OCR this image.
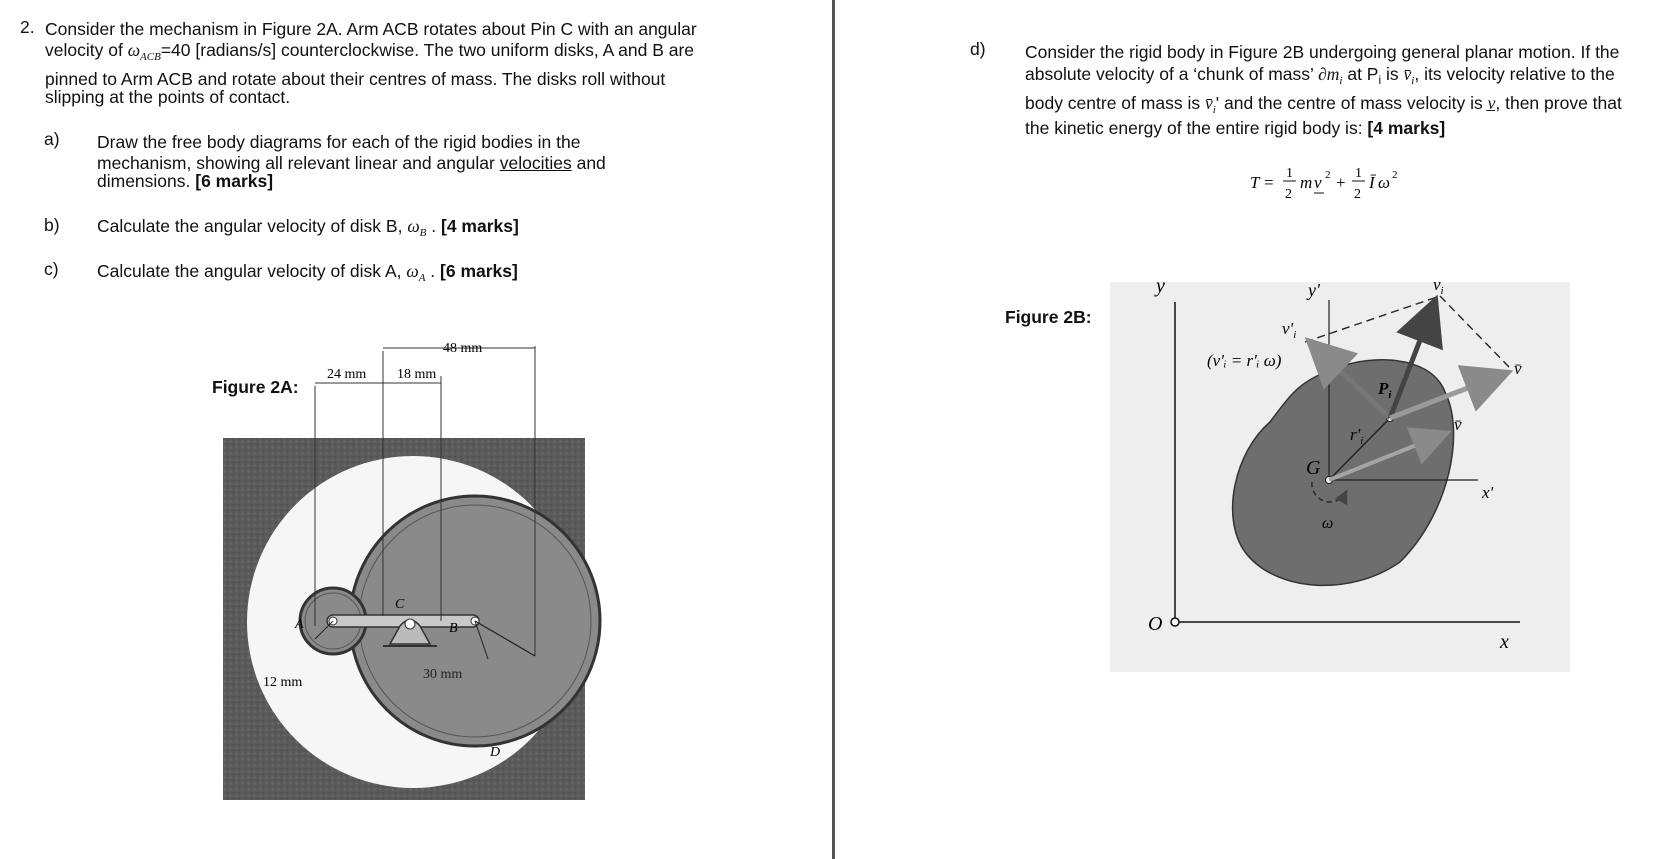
2. Consider the mechanism in Figure 2A. Arm ACB rotates about Pin C with an angular
velocity of $\omega_{ACB}=40$ [radians/s] counterclockwise. The two uniform disks, A and B are
pinned to Arm ACB and rotate about their centres of mass. The disks roll without
slipping at the points of contact.
a) Draw the free body diagrams for each of the rigid bodies in the
mechanism, showing all relevant linear and angular velocities and
dimensions. [6 marks]
b) Calculate the angular velocity of disk B, $\omega_B$ . [4 marks]
c) Calculate the angular velocity of disk A, $\omega_A$ . [6 marks]
Figure 2A:
48 mm
24 mm 18 mm
30 mm
12 mm
A	B
C
D
d) Consider the rigid body in Figure 2B undergoing general planar motion. If the
absolute velocity of a ‘chunk of mass’ $\partial m_i$ at $P_i$ is $v̄_i$, its velocity relative to the
body centre of mass is $v̄_i'$ and the centre of mass velocity is v̲, then prove that
the kinetic energy of the entire rigid body is: [4 marks]
T = 1
2
m v 2 + 1
2
Ī ω 2
Figure 2B:
y	y'
$v'_i$
(v'ᵢ = r'ᵢ ω)
$v_i$
v̄
v̄
$P_i$
$r'_i$
G
ω
x'
O
x
